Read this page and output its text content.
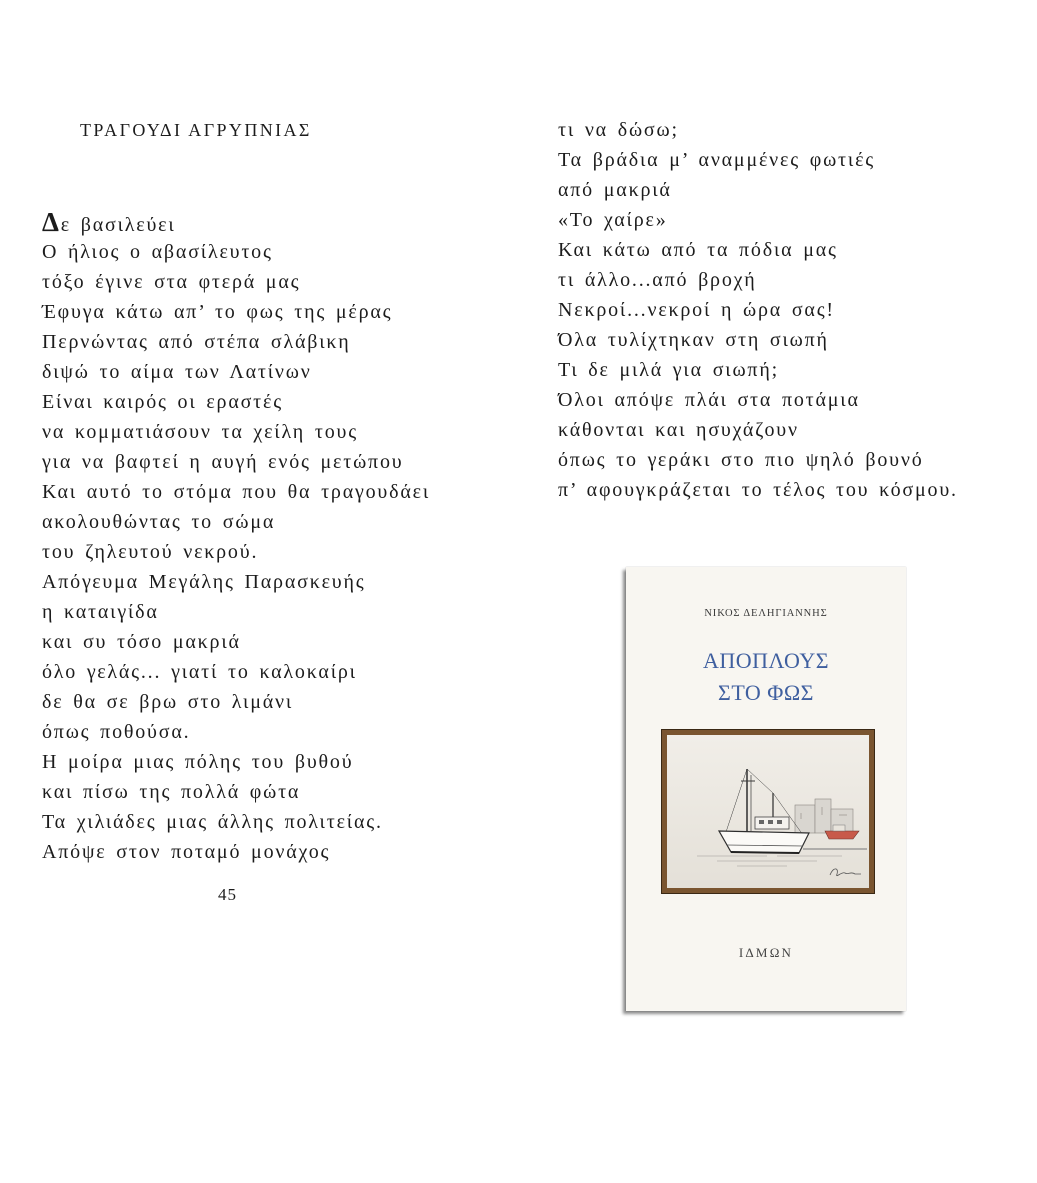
ΤΡΑΓΟΥΔΙ ΑΓΡΥΠΝΙΑΣ
Δε βασιλεύει
Ο ήλιος ο αβασίλευτος
τόξο έγινε στα φτερά μας
Έφυγα κάτω απ’ το φως της μέρας
Περνώντας από στέπα σλάβικη
διψώ το αίμα των Λατίνων
Είναι καιρός οι εραστές
να κομματιάσουν τα χείλη τους
για να βαφτεί η αυγή ενός μετώπου
Και αυτό το στόμα που θα τραγουδάει
ακολουθώντας το σώμα
του ζηλευτού νεκρού.
Απόγευμα Μεγάλης Παρασκευής
η καταιγίδα
και συ τόσο μακριά
όλο γελάς... γιατί το καλοκαίρι
δε θα σε βρω στο λιμάνι
όπως ποθούσα.
Η μοίρα μιας πόλης του βυθού
και πίσω της πολλά φώτα
Τα χιλιάδες μιας άλλης πολιτείας.
Απόψε στον ποταμό μονάχος
45
τι να δώσω;
Τα βράδια μ’ αναμμένες φωτιές
από μακριά
«Το χαίρε»
Και κάτω από τα πόδια μας
τι άλλο...από βροχή
Νεκροί...νεκροί η ώρα σας!
Όλα τυλίχτηκαν στη σιωπή
Τι δε μιλά για σιωπή;
Όλοι απόψε πλάι στα ποτάμια
κάθονται και ησυχάζουν
όπως το γεράκι στο πιο ψηλό βουνό
π’ αφουγκράζεται το τέλος του κόσμου.
ΝΙΚΟΣ ΔΕΛΗΓΙΑΝΝΗΣ
ΑΠΟΠΛΟΥΣ
ΣΤΟ ΦΩΣ
ΙΔΜΩΝ
